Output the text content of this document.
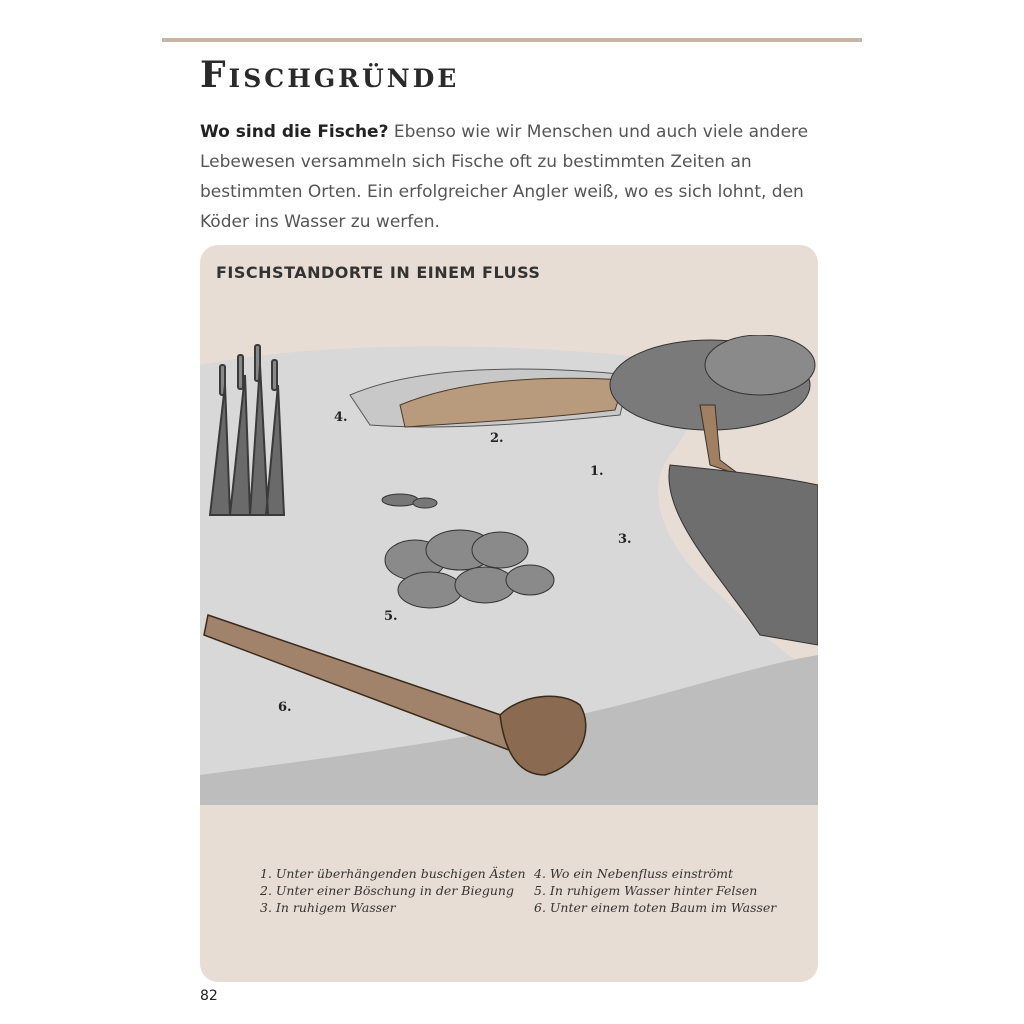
Fischgründe

Wo sind die Fische? Ebenso wie wir Menschen und auch viele andere Lebewesen versammeln sich Fische oft zu bestimmten Zeiten an bestimmten Orten. Ein erfolgreicher Angler weiß, wo es sich lohnt, den Köder ins Wasser zu werfen.

FISCHSTANDORTE IN EINEM FLUSS
4.
2.
1.
3.
5.
6.
1. Unter überhängenden buschigen Ästen
2. Unter einer Böschung in der Biegung
3. In ruhigem Wasser
4. Wo ein Nebenfluss einströmt
5. In ruhigem Wasser hinter Felsen
6. Unter einem toten Baum im Wasser
82
